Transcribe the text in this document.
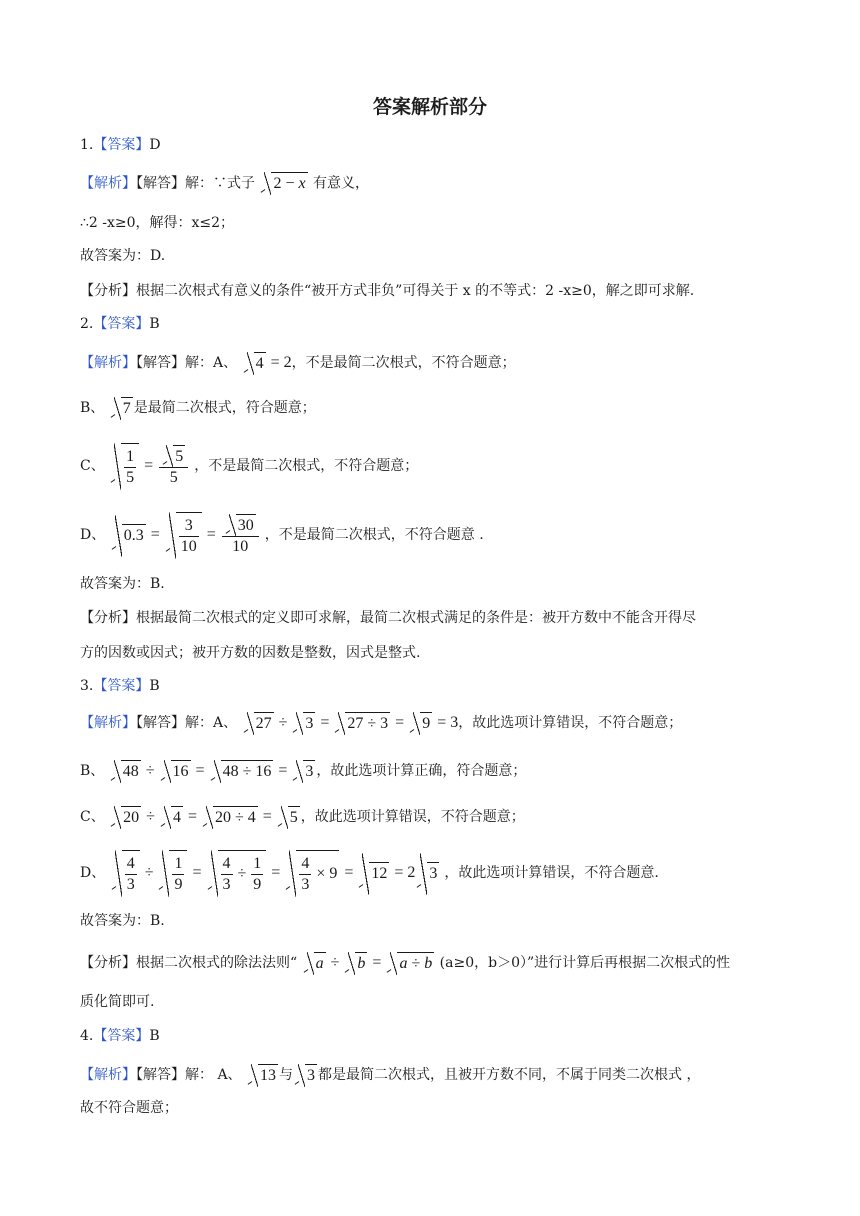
答案解析部分
1.【答案】D
【解析】【解答】解：∵式子 2 − x 有意义，
∴2 -x≥0，解得：x≤2；
故答案为：D.
【分析】根据二次根式有意义的条件“被开方式非负”可得关于 x 的不等式：2 -x≥0，解之即可求解.
2.【答案】B
【解析】【解答】解：A、 4 = 2，不是最简二次根式，不符合题意；
B、 7 是最简二次根式，符合题意；
C、 $\frac{1}{5} = \frac{5}{5}$ ，不是最简二次根式，不符合题意；
D、 $0.3 = \frac{3}{10} = \frac{30}{10}$ ，不是最简二次根式，不符合题意 .
故答案为：B.
【分析】根据最简二次根式的定义即可求解，最简二次根式满足的条件是：被开方数中不能含开得尽
方的因数或因式；被开方数的因数是整数，因式是整式.
3.【答案】B
【解析】【解答】解：A、 27 ÷ 3 = 27 ÷ 3 = 9 = 3，故此选项计算错误，不符合题意；
B、 48 ÷ 16 = 48 ÷ 16 = 3 ，故此选项计算正确，符合题意；
C、 20 ÷ 4 = 20 ÷ 4 = 5 ，故此选项计算错误，不符合题意；
D、 $\frac{4}{3} \div \frac{1}{9} = \frac{4}{3} \div \frac{1}{9} = \frac{4}{3} \times 9 = 12 = 2$ 3 ，故此选项计算错误，不符合题意.
故答案为：B.
【分析】根据二次根式的除法法则“ a ÷ b = a ÷ b (a≥0，b＞0）”进行计算后再根据二次根式的性
质化简即可.
4.【答案】B
【解析】【解答】解： A、 13 与 3 都是最简二次根式，且被开方数不同，不属于同类二次根式 ，
故不符合题意；
